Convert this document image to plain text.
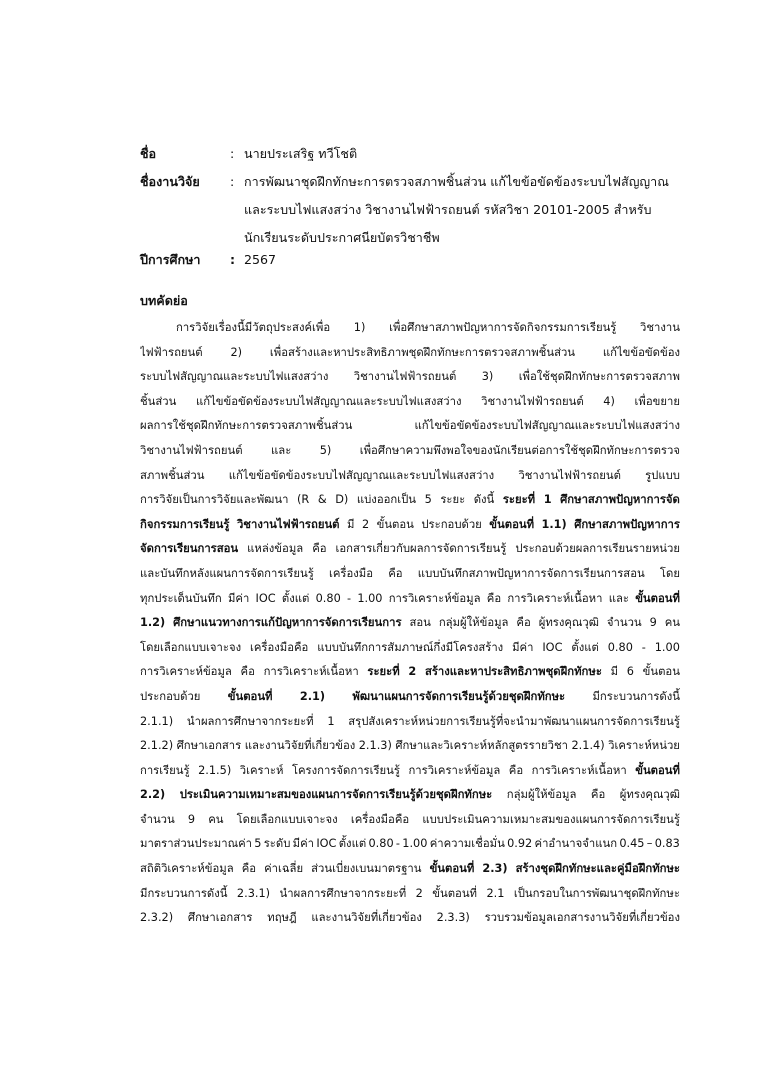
ชื่อ	: นายประเสริฐ ทวีโชติ
ชื่องานวิจัย : การพัฒนาชุดฝึกทักษะการตรวจสภาพชิ้นส่วน แก้ไขข้อขัดข้องระบบไฟสัญญาณ
และระบบไฟแสงสว่าง วิชางานไฟฟ้ารถยนต์ รหัสวิชา 20101-2005 สำหรับ
นักเรียนระดับประกาศนียบัตรวิชาชีพ
ปีการศึกษา : 2567
บทคัดย่อ
การวิจัยเรื่องนี้มีวัตถุประสงค์เพื่อ 1) เพื่อศึกษาสภาพปัญหาการจัดกิจกรรมการเรียนรู้ วิชางาน
ไฟฟ้ารถยนต์ 2) เพื่อสร้างและหาประสิทธิภาพชุดฝึกทักษะการตรวจสภาพชิ้นส่วน แก้ไขข้อขัดข้อง
ระบบไฟสัญญาณและระบบไฟแสงสว่าง วิชางานไฟฟ้ารถยนต์ 3) เพื่อใช้ชุดฝึกทักษะการตรวจสภาพ
ชิ้นส่วน แก้ไขข้อขัดข้องระบบไฟสัญญาณและระบบไฟแสงสว่าง วิชางานไฟฟ้ารถยนต์ 4) เพื่อขยาย
ผลการใช้ชุดฝึกทักษะการตรวจสภาพชิ้นส่วน	แก้ไขข้อขัดข้องระบบไฟสัญญาณและระบบไฟแสงสว่าง
วิชางานไฟฟ้ารถยนต์	และ	5)	เพื่อศึกษาความพึงพอใจของนักเรียนต่อการใช้ชุดฝึกทักษะการตรวจ
สภาพชิ้นส่วน แก้ไขข้อขัดข้องระบบไฟสัญญาณและระบบไฟแสงสว่าง วิชางานไฟฟ้ารถยนต์ รูปแบบ
การวิจัยเป็นการวิจัยและพัฒนา (R & D) แบ่งออกเป็น 5 ระยะ ดังนี้ ระยะที่ 1 ศึกษาสภาพปัญหาการจัด
กิจกรรมการเรียนรู้ วิชางานไฟฟ้ารถยนต์ มี 2 ขั้นตอน ประกอบด้วย ขั้นตอนที่ 1.1) ศึกษาสภาพปัญหาการ
จัดการเรียนการสอน แหล่งข้อมูล คือ เอกสารเกี่ยวกับผลการจัดการเรียนรู้ ประกอบด้วยผลการเรียนรายหน่วย
และบันทึกหลังแผนการจัดการเรียนรู้ เครื่องมือ คือ แบบบันทึกสภาพปัญหาการจัดการเรียนการสอน โดย
ทุกประเด็นบันทึก มีค่า IOC ตั้งแต่ 0.80 - 1.00 การวิเคราะห์ข้อมูล คือ การวิเคราะห์เนื้อหา และ ขั้นตอนที่
1.2) ศึกษาแนวทางการแก้ปัญหาการจัดการเรียนการ สอน กลุ่มผู้ให้ข้อมูล คือ ผู้ทรงคุณวุฒิ จำนวน 9 คน
โดยเลือกแบบเจาะจง เครื่องมือคือ แบบบันทึกการสัมภาษณ์กึ่งมีโครงสร้าง มีค่า IOC ตั้งแต่ 0.80 - 1.00
การวิเคราะห์ข้อมูล คือ การวิเคราะห์เนื้อหา ระยะที่ 2 สร้างและหาประสิทธิภาพชุดฝึกทักษะ มี 6 ขั้นตอน
ประกอบด้วย ขั้นตอนที่ 2.1) พัฒนาแผนการจัดการเรียนรู้ด้วยชุดฝึกทักษะ มีกระบวนการดังนี้
2.1.1) นำผลการศึกษาจากระยะที่ 1 สรุปสังเคราะห์หน่วยการเรียนรู้ที่จะนำมาพัฒนาแผนการจัดการเรียนรู้
2.1.2) ศึกษาเอกสาร และงานวิจัยที่เกี่ยวข้อง 2.1.3) ศึกษาและวิเคราะห์หลักสูตรรายวิชา 2.1.4) วิเคราะห์หน่วย
การเรียนรู้ 2.1.5) วิเคราะห์ โครงการจัดการเรียนรู้ การวิเคราะห์ข้อมูล คือ การวิเคราะห์เนื้อหา ขั้นตอนที่
2.2) ประเมินความเหมาะสมของแผนการจัดการเรียนรู้ด้วยชุดฝึกทักษะ กลุ่มผู้ให้ข้อมูล คือ ผู้ทรงคุณวุฒิ
จำนวน 9 คน โดยเลือกแบบเจาะจง เครื่องมือคือ แบบประเมินความเหมาะสมของแผนการจัดการเรียนรู้
มาตราส่วนประมาณค่า 5 ระดับ มีค่า IOC ตั้งแต่ 0.80 - 1.00 ค่าความเชื่อมั่น 0.92 ค่าอำนาจจำแนก 0.45 – 0.83
สถิติวิเคราะห์ข้อมูล คือ ค่าเฉลี่ย ส่วนเบี่ยงเบนมาตรฐาน ขั้นตอนที่ 2.3) สร้างชุดฝึกทักษะและคู่มือฝึกทักษะ
มีกระบวนการดังนี้ 2.3.1) นำผลการศึกษาจากระยะที่ 2 ขั้นตอนที่ 2.1 เป็นกรอบในการพัฒนาชุดฝึกทักษะ
2.3.2) ศึกษาเอกสาร ทฤษฎี และงานวิจัยที่เกี่ยวข้อง 2.3.3) รวบรวมข้อมูลเอกสารงานวิจัยที่เกี่ยวข้อง
